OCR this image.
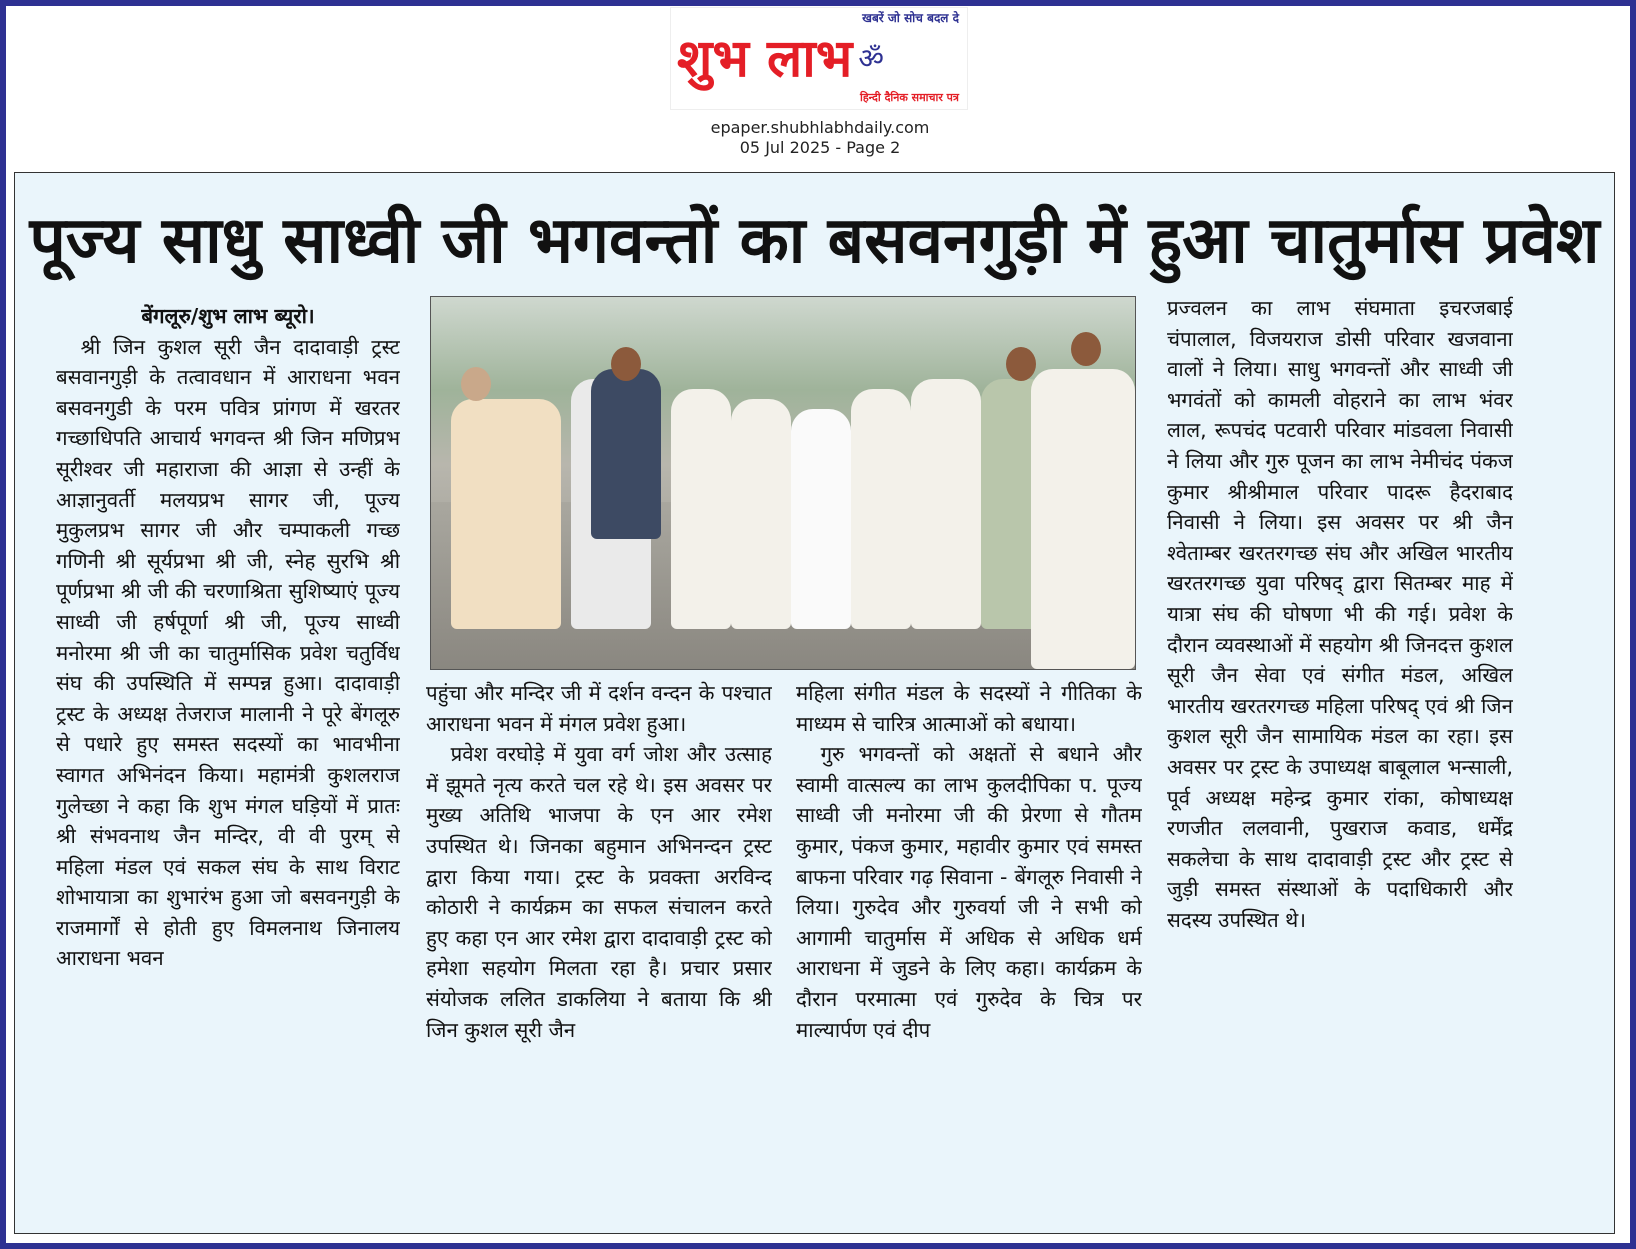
खबरें जो सोच बदल दे
शुभ लाभ ॐ
हिन्दी दैनिक समाचार पत्र
epaper.shubhlabhdaily.com
05 Jul 2025 - Page 2
पूज्य साधु साध्वी जी भगवन्तों का बसवनगुड़ी में हुआ चातुर्मास प्रवेश
बेंगलूरु/शुभ लाभ ब्यूरो।

श्री जिन कुशल सूरी जैन दादावाड़ी ट्रस्ट बसवानगुड़ी के तत्वावधान में आराधना भवन बसवनगुडी के परम पवित्र प्रांगण में खरतर गच्छाधिपति आचार्य भगवन्त श्री जिन मणिप्रभ सूरीश्वर जी महाराजा की आज्ञा से उन्हीं के आज्ञानुवर्ती मलयप्रभ सागर जी, पूज्य मुकुलप्रभ सागर जी और चम्पाकली गच्छ गणिनी श्री सूर्यप्रभा श्री जी, स्नेह सुरभि श्री पूर्णप्रभा श्री जी की चरणाश्रिता सुशिष्याएं पूज्य साध्वी जी हर्षपूर्णा श्री जी, पूज्य साध्वी मनोरमा श्री जी का चातुर्मासिक प्रवेश चतुर्विध संघ की उपस्थिति में सम्पन्न हुआ। दादावाड़ी ट्रस्ट के अध्यक्ष तेजराज मालानी ने पूरे बेंगलूरु से पधारे हुए समस्त सदस्यों का भावभीना स्वागत अभिनंदन किया। महामंत्री कुशलराज गुलेच्छा ने कहा कि शुभ मंगल घड़ियों में प्रातः श्री संभवनाथ जैन मन्दिर, वी वी पुरम् से महिला मंडल एवं सकल संघ के साथ विराट शोभायात्रा का शुभारंभ हुआ जो बसवनगुड़ी के राजमार्गों से होती हुए विमलनाथ जिनालय आराधना भवन

पहुंचा और मन्दिर जी में दर्शन वन्दन के पश्चात आराधना भवन में मंगल प्रवेश हुआ।

प्रवेश वरघोड़े में युवा वर्ग जोश और उत्साह में झूमते नृत्य करते चल रहे थे। इस अवसर पर मुख्य अतिथि भाजपा के एन आर रमेश उपस्थित थे। जिनका बहुमान अभिनन्दन ट्रस्ट द्वारा किया गया। ट्रस्ट के प्रवक्ता अरविन्द कोठारी ने कार्यक्रम का सफल संचालन करते हुए कहा एन आर रमेश द्वारा दादावाड़ी ट्रस्ट को हमेशा सहयोग मिलता रहा है। प्रचार प्रसार संयोजक ललित डाकलिया ने बताया कि श्री जिन कुशल सूरी जैन

महिला संगीत मंडल के सदस्यों ने गीतिका के माध्यम से चारित्र आत्माओं को बधाया।

गुरु भगवन्तों को अक्षतों से बधाने और स्वामी वात्सल्य का लाभ कुलदीपिका प. पूज्य साध्वी जी मनोरमा जी की प्रेरणा से गौतम कुमार, पंकज कुमार, महावीर कुमार एवं समस्त बाफना परिवार गढ़ सिवाना - बेंगलूरु निवासी ने लिया। गुरुदेव और गुरुवर्या जी ने सभी को आगामी चातुर्मास में अधिक से अधिक धर्म आराधना में जुडने के लिए कहा। कार्यक्रम के दौरान परमात्मा एवं गुरुदेव के चित्र पर माल्यार्पण एवं दीप

प्रज्वलन का लाभ संघमाता इचरजबाई चंपालाल, विजयराज डोसी परिवार खजवाना वालों ने लिया। साधु भगवन्तों और साध्वी जी भगवंतों को कामली वोहराने का लाभ भंवर लाल, रूपचंद पटवारी परिवार मांडवला निवासी ने लिया और गुरु पूजन का लाभ नेमीचंद पंकज कुमार श्रीश्रीमाल परिवार पादरू हैदराबाद निवासी ने लिया। इस अवसर पर श्री जैन श्वेताम्बर खरतरगच्छ संघ और अखिल भारतीय खरतरगच्छ युवा परिषद् द्वारा सितम्बर माह में यात्रा संघ की घोषणा भी की गई। प्रवेश के दौरान व्यवस्थाओं में सहयोग श्री जिनदत्त कुशल सूरी जैन सेवा एवं संगीत मंडल, अखिल भारतीय खरतरगच्छ महिला परिषद् एवं श्री जिन कुशल सूरी जैन सामायिक मंडल का रहा। इस अवसर पर ट्रस्ट के उपाध्यक्ष बाबूलाल भन्साली, पूर्व अध्यक्ष महेन्द्र कुमार रांका, कोषाध्यक्ष रणजीत ललवानी, पुखराज कवाड, धर्मेंद्र सकलेचा के साथ दादावाड़ी ट्रस्ट और ट्रस्ट से जुड़ी समस्त संस्थाओं के पदाधिकारी और सदस्य उपस्थित थे।
